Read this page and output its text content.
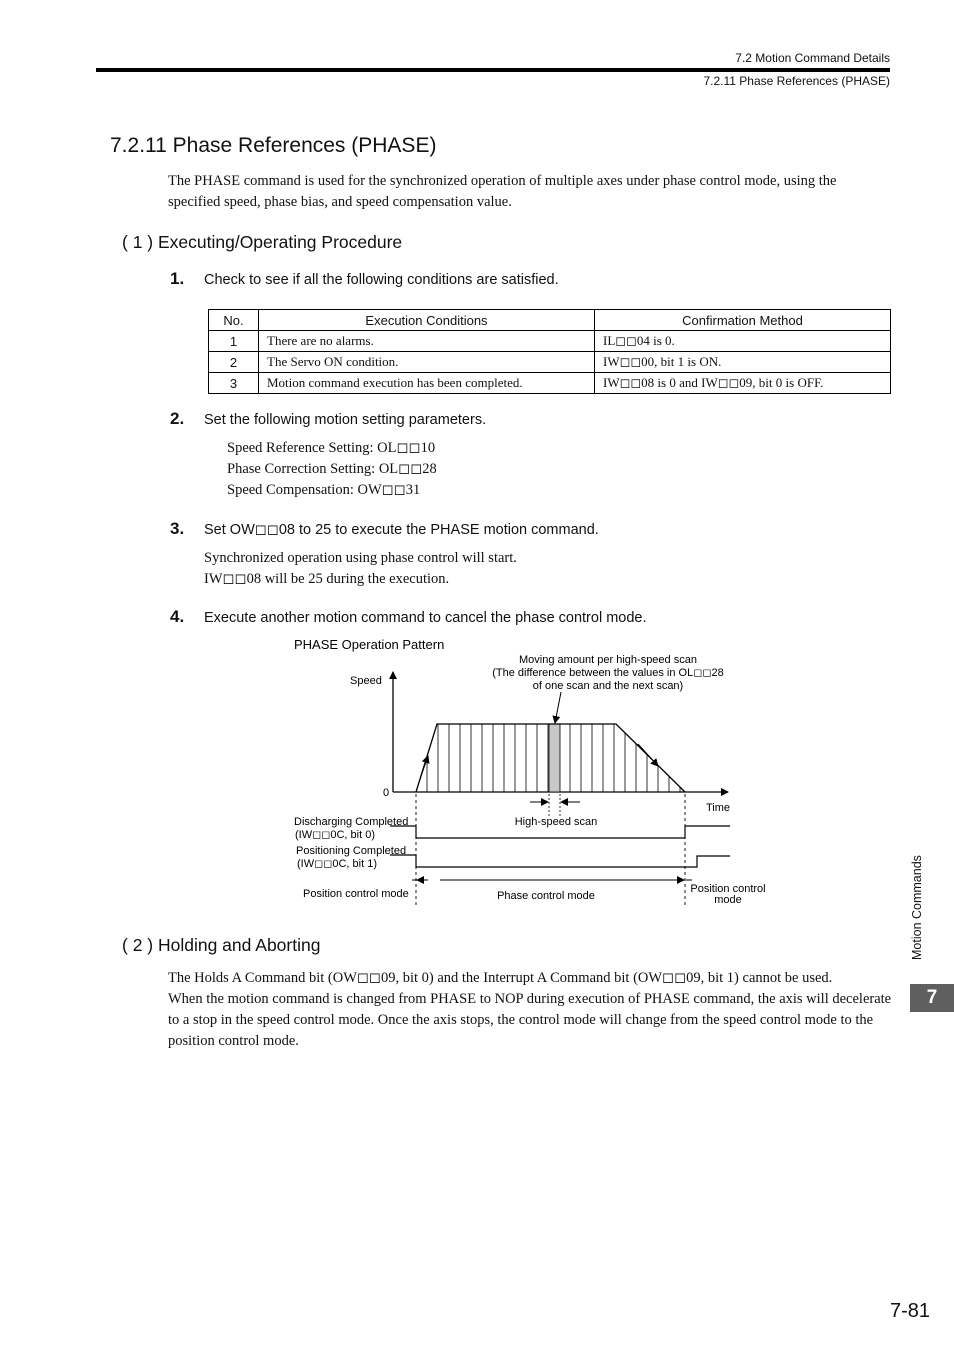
7.2 Motion Command Details
7.2.11 Phase References (PHASE)
7.2.11 Phase References (PHASE)
The PHASE command is used for the synchronized operation of multiple axes under phase control mode, using the specified speed, phase bias, and speed compensation value.
( 1 ) Executing/Operating Procedure
1. Check to see if all the following conditions are satisfied.
No.	Execution Conditions	Confirmation Method
1	There are no alarms.	IL◻◻04 is 0.
2	The Servo ON condition.	IW◻◻00, bit 1 is ON.
3	Motion command execution has been completed.	IW◻◻08 is 0 and IW◻◻09, bit 0 is OFF.
2. Set the following motion setting parameters.
Speed Reference Setting: OL◻◻10
Phase Correction Setting: OL◻◻28
Speed Compensation: OW◻◻31
3. Set OW◻◻08 to 25 to execute the PHASE motion command.
Synchronized operation using phase control will start.
IW◻◻08 will be 25 during the execution.
4. Execute another motion command to cancel the phase control mode.
PHASE Operation Pattern
Moving amount per high-speed scan
(The difference between the values in OL◻◻28
of one scan and the next scan)
Speed
0
Time
High-speed scan
Discharging Completed
(IW◻◻0C, bit 0)
Positioning Completed
(IW◻◻0C, bit 1)
Position control mode	Phase control mode
Position control
mode
( 2 ) Holding and Aborting
The Holds A Command bit (OW◻◻09, bit 0) and the Interrupt A Command bit (OW◻◻09, bit 1) cannot be used.
When the motion command is changed from PHASE to NOP during execution of PHASE command, the axis will decelerate to a stop in the speed control mode. Once the axis stops, the control mode will change from the speed control mode to the position control mode.
Motion Commands
7
7-81
